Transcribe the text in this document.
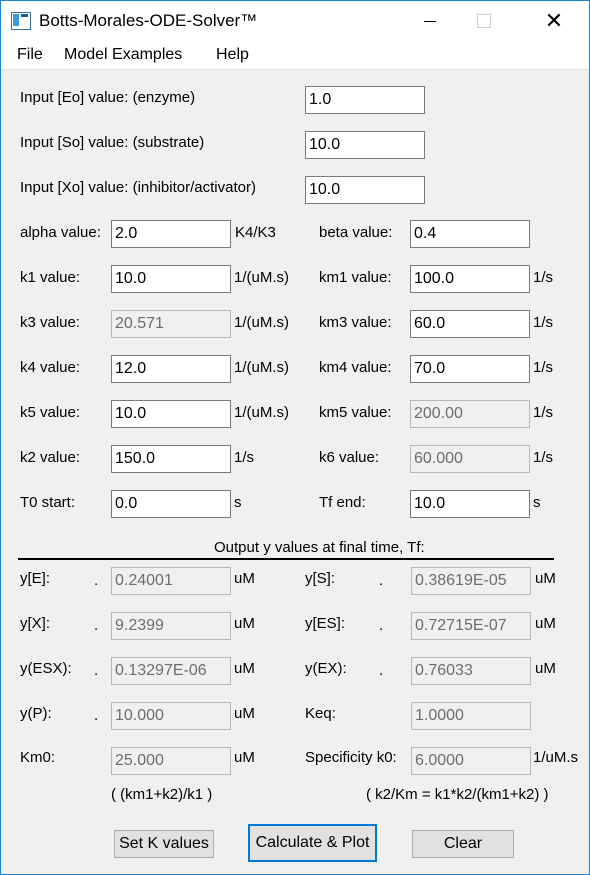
Botts-Morales-ODE-Solver™	✕
File Model Examples Help
Input [Eo] value: (enzyme)	1.0
Input [So] value: (substrate)	10.0
Input [Xo] value: (inhibitor/activator)	10.0
alpha value: 2.0	K4/K3	beta value: 0.4
k1 value: 10.0	1/(uM.s) km1 value: 100.0	1/s
k3 value: 20.571	1/(uM.s) km3 value: 60.0	1/s
k4 value: 12.0	1/(uM.s) km4 value: 70.0	1/s
k5 value: 10.0	1/(uM.s) km5 value: 200.00	1/s
k2 value: 150.0	1/s	k6 value: 60.000	1/s
T0 start: 0.0	s	Tf end:	10.0	s
Output y values at final time, Tf:
y[E]:	. 0.24001	uM	y[S]:	. 0.38619E-05	uM
y[X]:	. 9.2399	uM	y[ES]: . 0.72715E-07	uM
y(ESX): . 0.13297E-06	uM	y(EX): . 0.76033	uM
y(P):	. 10.000	uM	Keq:	1.0000
Km0:	25.000	uM	Specificity k0: 6.0000	1/uM.s
( (km1+k2)/k1 )	( k2/Km = k1*k2/(km1+k2) )
Set K values	Calculate & Plot	Clear
